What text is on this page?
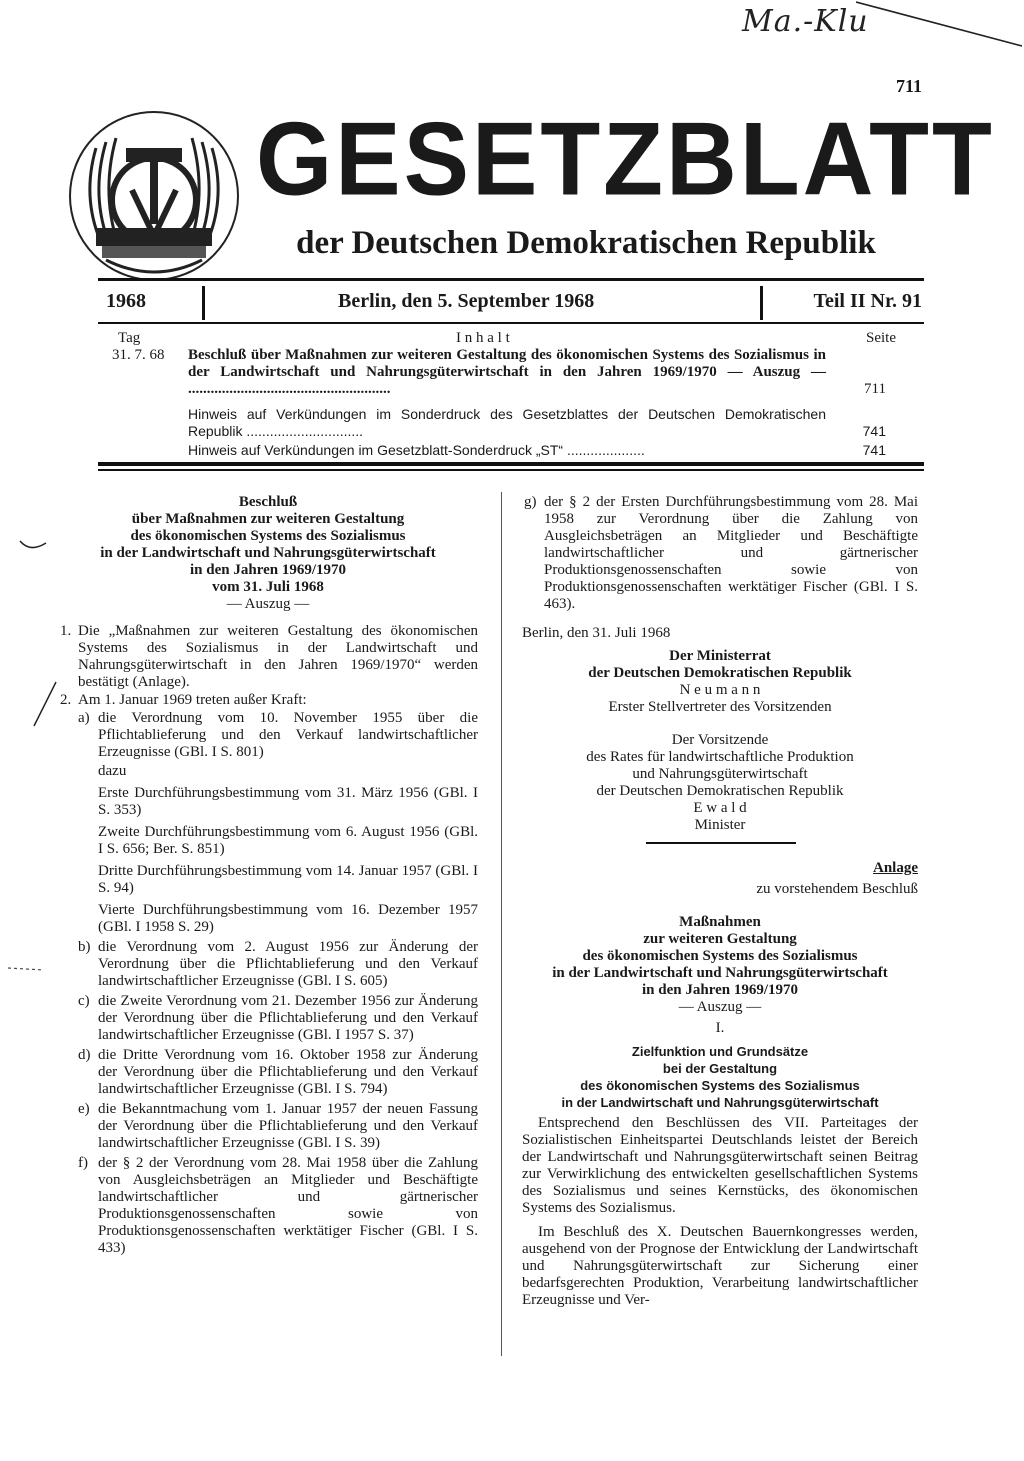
Ma.-Klu
711
GESETZBLATT
der Deutschen Demokratischen Republik
1968	Berlin, den 5. September 1968	Teil II Nr. 91
Tag	I n h a l t	Seite
31. 7. 68	Beschluß über Maßnahmen zur weiteren Gestaltung des ökonomischen Systems des Sozialismus in der Landwirtschaft und Nahrungsgüterwirtschaft in den Jahren 1969/1970 — Auszug — ......................................................	711
Hinweis auf Verkündungen im Sonderdruck des Gesetzblattes der Deutschen Demokratischen Republik ..............................	741
Hinweis auf Verkündungen im Gesetzblatt-Sonderdruck „ST“ ....................	741
Beschluß
über Maßnahmen zur weiteren Gestaltung
des ökonomischen Systems des Sozialismus
in der Landwirtschaft und Nahrungsgüterwirtschaft
in den Jahren 1969/1970
vom 31. Juli 1968
— Auszug —
1. Die „Maßnahmen zur weiteren Gestaltung des ökonomischen Systems des Sozialismus in der Landwirtschaft und Nahrungsgüterwirtschaft in den Jahren 1969/1970“ werden bestätigt (Anlage).

2. Am 1. Januar 1969 treten außer Kraft:

a) die Verordnung vom 10. November 1955 über die Pflichtablieferung und den Verkauf landwirtschaftlicher Erzeugnisse (GBl. I S. 801)

dazu

Erste Durchführungsbestimmung vom 31. März 1956 (GBl. I S. 353)

Zweite Durchführungsbestimmung vom 6. August 1956 (GBl. I S. 656; Ber. S. 851)

Dritte Durchführungsbestimmung vom 14. Januar 1957 (GBl. I S. 94)

Vierte Durchführungsbestimmung vom 16. Dezember 1957 (GBl. I 1958 S. 29)

b) die Verordnung vom 2. August 1956 zur Änderung der Verordnung über die Pflichtablieferung und den Verkauf landwirtschaftlicher Erzeugnisse (GBl. I S. 605)

c) die Zweite Verordnung vom 21. Dezember 1956 zur Änderung der Verordnung über die Pflichtablieferung und den Verkauf landwirtschaftlicher Erzeugnisse (GBl. I 1957 S. 37)

d) die Dritte Verordnung vom 16. Oktober 1958 zur Änderung der Verordnung über die Pflichtablieferung und den Verkauf landwirtschaftlicher Erzeugnisse (GBl. I S. 794)

e) die Bekanntmachung vom 1. Januar 1957 der neuen Fassung der Verordnung über die Pflichtablieferung und den Verkauf landwirtschaftlicher Erzeugnisse (GBl. I S. 39)

f) der § 2 der Verordnung vom 28. Mai 1958 über die Zahlung von Ausgleichsbeträgen an Mitglieder und Beschäftigte landwirtschaftlicher und gärtnerischer Produktionsgenossenschaften sowie von Produktionsgenossenschaften werktätiger Fischer (GBl. I S. 433)

g) der § 2 der Ersten Durchführungsbestimmung vom 28. Mai 1958 zur Verordnung über die Zahlung von Ausgleichsbeträgen an Mitglieder und Beschäftigte landwirtschaftlicher und gärtnerischer Produktionsgenossenschaften sowie von Produktionsgenossenschaften werktätiger Fischer (GBl. I S. 463).

Berlin, den 31. Juli 1968
Der Ministerrat
der Deutschen Demokratischen Republik
N e u m a n n
Erster Stellvertreter des Vorsitzenden
Der Vorsitzende
des Rates für landwirtschaftliche Produktion
und Nahrungsgüterwirtschaft
der Deutschen Demokratischen Republik
E w a l d
Minister
Anlage
zu vorstehendem Beschluß
Maßnahmen
zur weiteren Gestaltung
des ökonomischen Systems des Sozialismus
in der Landwirtschaft und Nahrungsgüterwirtschaft
in den Jahren 1969/1970
— Auszug —
I.
Zielfunktion und Grundsätze
bei der Gestaltung
des ökonomischen Systems des Sozialismus
in der Landwirtschaft und Nahrungsgüterwirtschaft

Entsprechend den Beschlüssen des VII. Parteitages der Sozialistischen Einheitspartei Deutschlands leistet der Bereich der Landwirtschaft und Nahrungsgüterwirtschaft seinen Beitrag zur Verwirklichung des entwickelten gesellschaftlichen Systems des Sozialismus und seines Kernstücks, des ökonomischen Systems des Sozialismus.

Im Beschluß des X. Deutschen Bauernkongresses werden, ausgehend von der Prognose der Entwicklung der Landwirtschaft und Nahrungsgüterwirtschaft zur Sicherung einer bedarfsgerechten Produktion, Verarbeitung landwirtschaftlicher Erzeugnisse und Ver-
